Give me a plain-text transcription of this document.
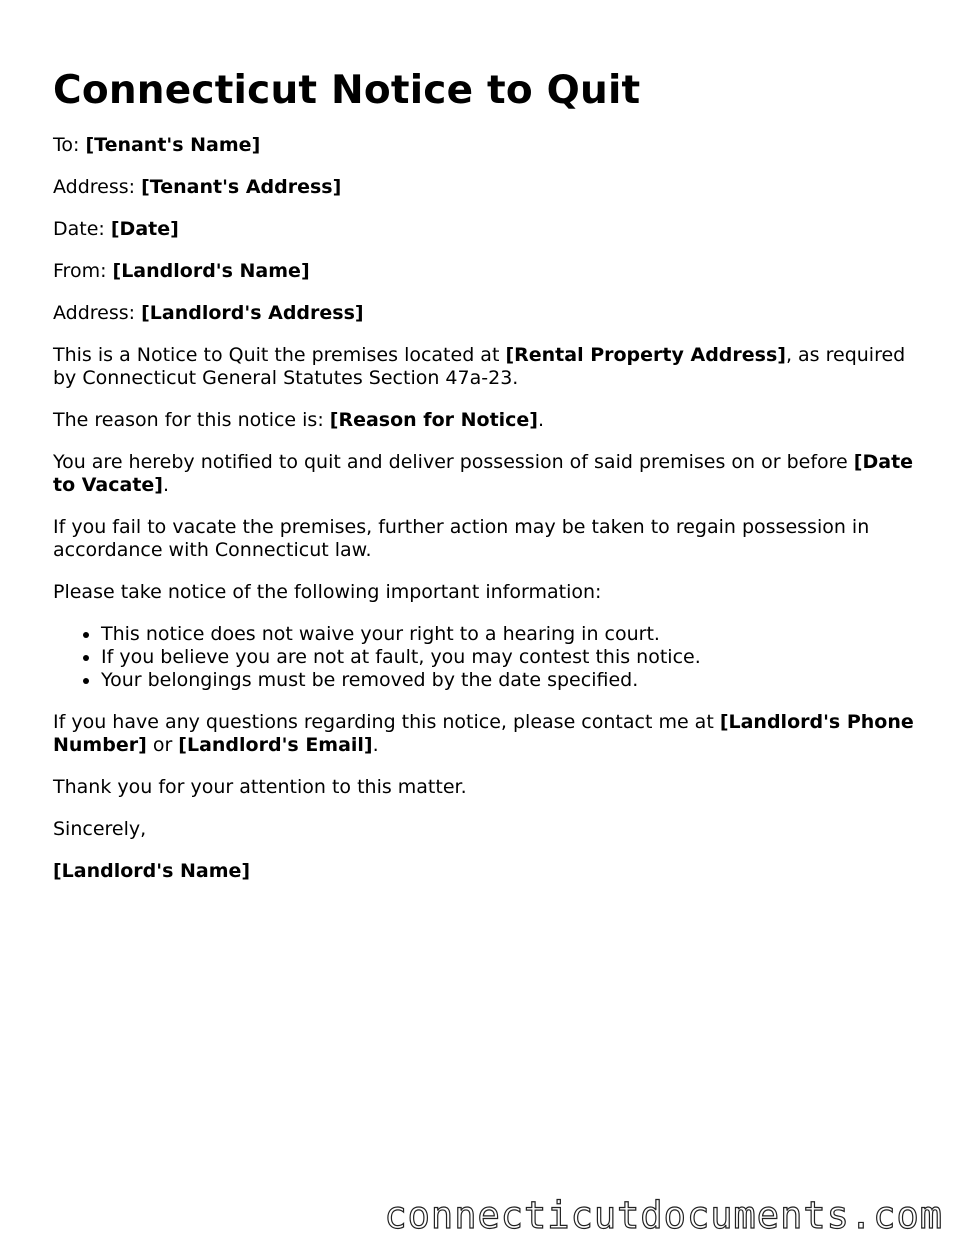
Connecticut Notice to Quit

To: [Tenant's Name]

Address: [Tenant's Address]

Date: [Date]

From: [Landlord's Name]

Address: [Landlord's Address]

This is a Notice to Quit the premises located at [Rental Property Address], as required by Connecticut General Statutes Section 47a-23.

The reason for this notice is: [Reason for Notice].

You are hereby notified to quit and deliver possession of said premises on or before [Date to Vacate].

If you fail to vacate the premises, further action may be taken to regain possession in accordance with Connecticut law.

Please take notice of the following important information:

• This notice does not waive your right to a hearing in court.
• If you believe you are not at fault, you may contest this notice.
• Your belongings must be removed by the date specified.

If you have any questions regarding this notice, please contact me at [Landlord's Phone Number] or [Landlord's Email].

Thank you for your attention to this matter.

Sincerely,

[Landlord's Name]

connecticutdocuments.com
